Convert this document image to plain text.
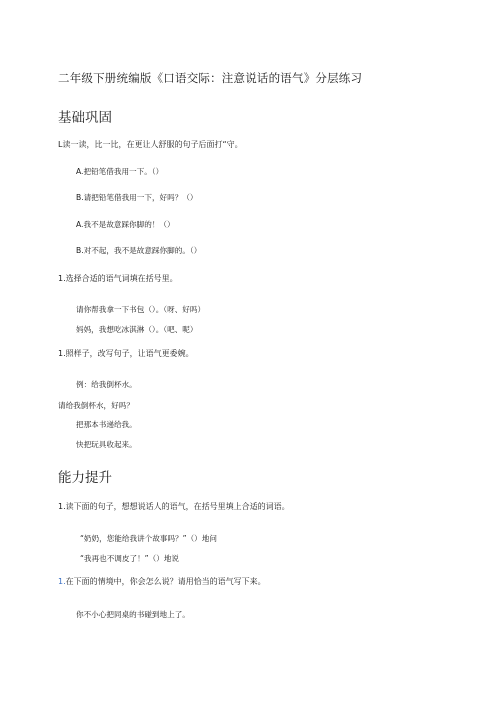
二年级下册统编版《口语交际：注意说话的语气》分层练习
基础巩固
L读一读，比一比，在更让人舒服的句子后面打“守。
A.把铅笔借我用一下。（）
B.请把铅笔借我用一下，好吗？（）
A.我不是故意踩你脚的！（）
B.对不起，我不是故意踩你脚的。（）
1.选择合适的语气词填在括号里。
请你帮我拿一下书包（）。（呀、好吗）
妈妈，我想吃冰淇淋（）。（吧、呢）
1.照样子，改写句子，让语气更委婉。
例：给我倒杯水。
请给我倒杯水，好吗？
把那本书递给我。
快把玩具收起来。
能力提升
1.读下面的句子，想想说话人的语气，在括号里填上合适的词语。
“奶奶，您能给我讲个故事吗？”（）地问
“我再也不调皮了！”（）地说
1.在下面的情境中，你会怎么说？请用恰当的语气写下来。
你不小心把同桌的书碰到地上了。
